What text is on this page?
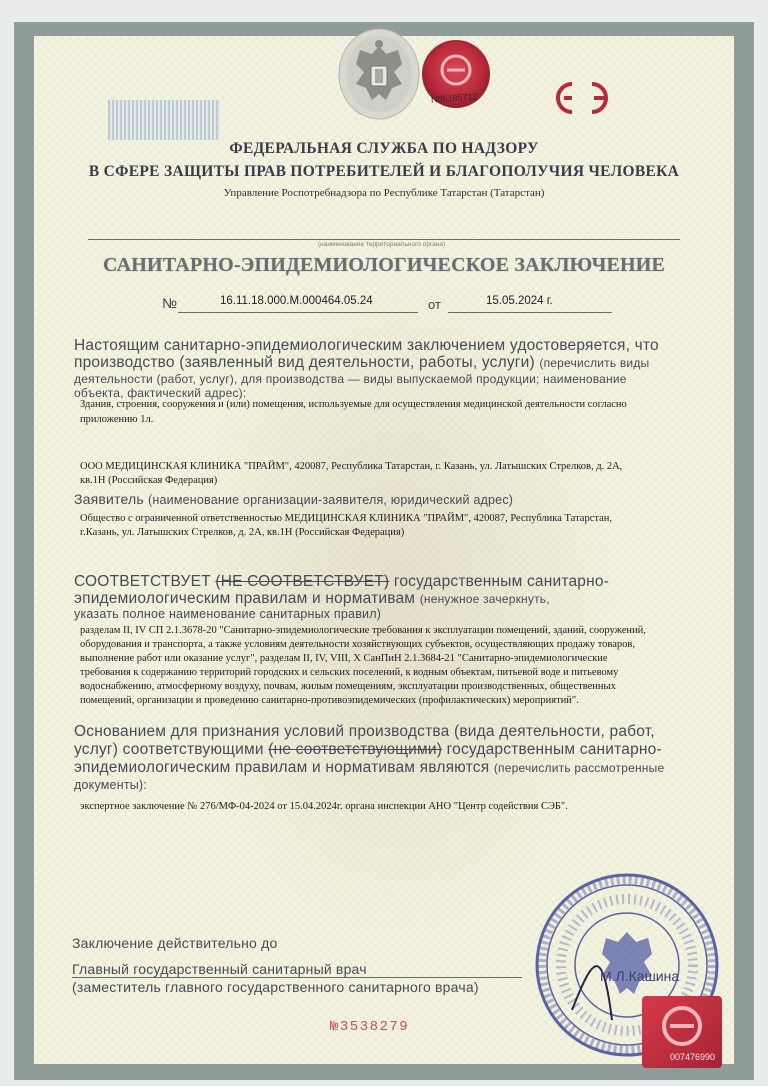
N05185712
ФЕДЕРАЛЬНАЯ СЛУЖБА ПО НАДЗОРУ
В СФЕРЕ ЗАЩИТЫ ПРАВ ПОТРЕБИТЕЛЕЙ И БЛАГОПОЛУЧИЯ ЧЕЛОВЕКА
Управление Роспотребнадзора по Республике Татарстан (Татарстан)
(наименование территориального органа)
САНИТАРНО-ЭПИДЕМИОЛОГИЧЕСКОЕ ЗАКЛЮЧЕНИЕ
№	16.11.18.000.М.000464.05.24	от	15.05.2024 г.
Настоящим санитарно-эпидемиологическим заключением удостоверяется, что
производство (заявленный вид деятельности, работы, услуги) (перечислить виды
деятельности (работ, услуг), для производства — виды выпускаемой продукции; наименование
объекта, фактический адрес):
Здания, строения, сооружения и (или) помещения, используемые для осуществления медицинской деятельности согласно
приложению 1л.
ООО МЕДИЦИНСКАЯ КЛИНИКА "ПРАЙМ", 420087, Республика Татарстан, г. Казань, ул. Латышских Стрелков, д. 2А,
кв.1Н (Российская Федерация)
Заявитель (наименование организации-заявителя, юридический адрес)
Общество с ограниченной ответственностью МЕДИЦИНСКАЯ КЛИНИКА "ПРАЙМ", 420087, Республика Татарстан,
г.Казань, ул. Латышских Стрелков, д. 2А, кв.1Н (Российская Федерация)
СООТВЕТСТВУЕТ (НЕ СООТВЕТСТВУЕТ) государственным санитарно-
эпидемиологическим правилам и нормативам (ненужное зачеркнуть,
указать полное наименование санитарных правил)
разделам II, IV СП 2.1.3678-20 "Санитарно-эпидемиологические требования к эксплуатации помещений, зданий, сооружений,
оборудования и транспорта, а также условиям деятельности хозяйствующих субъектов, осуществляющих продажу товаров,
выполнение работ или оказание услуг", разделам II, IV, VIII, X СанПиН 2.1.3684-21 "Санитарно-эпидемиологические
требования к содержанию территорий городских и сельских поселений, к водным объектам, питьевой воде и питьевому
водоснабжению, атмосферному воздуху, почвам, жилым помещениям, эксплуатации производственных, общественных
помещений, организации и проведению санитарно-противоэпидемических (профилактических) мероприятий".
Основанием для признания условий производства (вида деятельности, работ,
услуг) соответствующими (не соответствующими) государственным санитарно-
эпидемиологическим правилам и нормативам являются (перечислить рассмотренные
документы):
экспертное заключение № 276/МФ-04-2024 от 15.04.2024г. органа инспекции АНО "Центр содействия СЭБ".
Заключение действительно до
Главный государственный санитарный врач
(заместитель главного государственного санитарного врача)
М.Л.Кашина
007476990
№3538279
